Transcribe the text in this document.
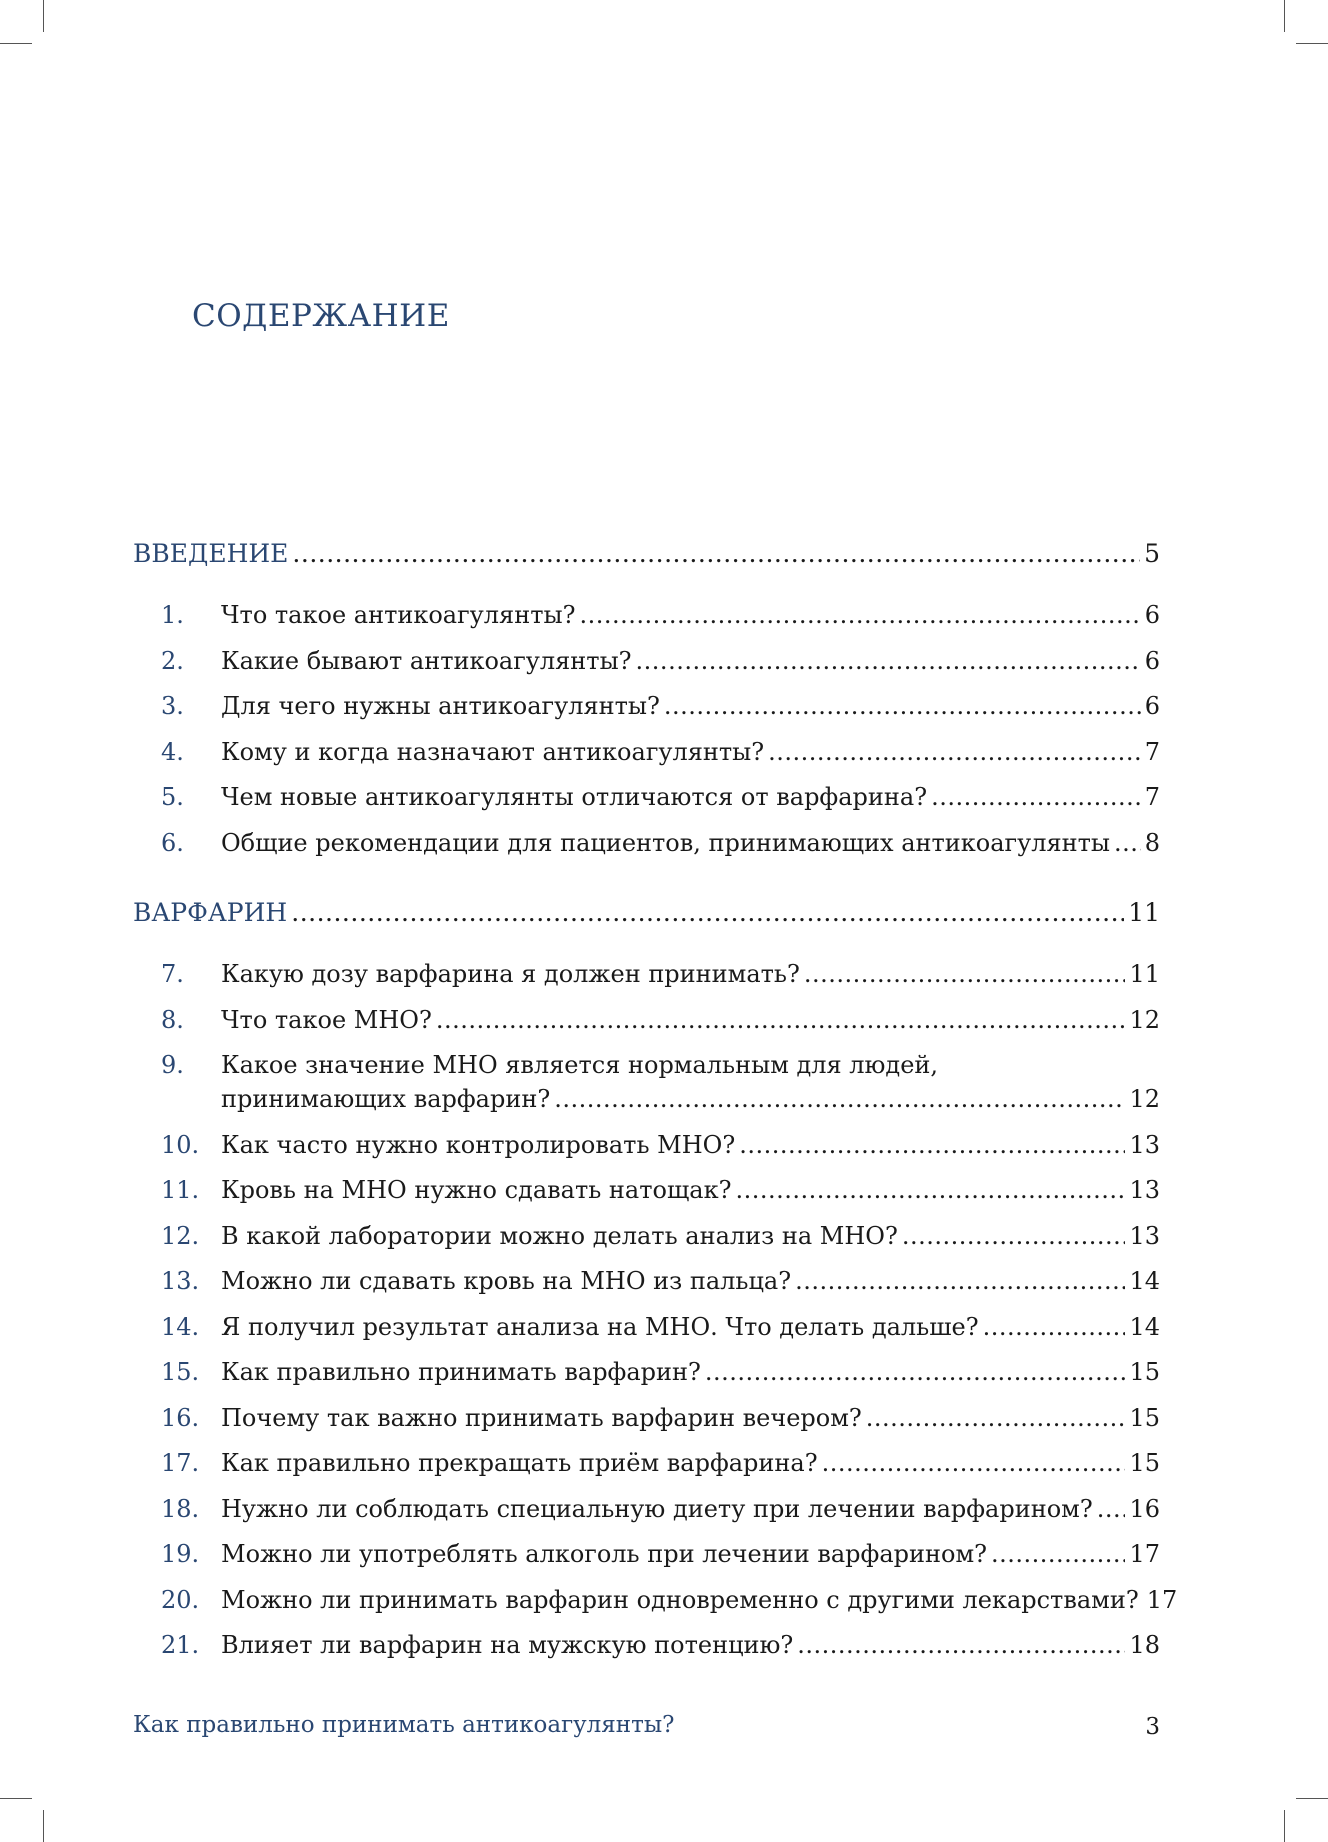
СОДЕРЖАНИЕ
ВВЕДЕНИЕ .....	5
1.	Что такое антикоагулянты? .....	6
2.	Какие бывают антикоагулянты? .....	6
3.	Для чего нужны антикоагулянты? .....	6
4.	Кому и когда назначают антикоагулянты? .....	7
5.	Чем новые антикоагулянты отличаются от варфарина? .....	7
6.	Общие рекомендации для пациентов, принимающих антикоагулянты ..... 8
ВАРФАРИН .....	11
7.	Какую дозу варфарина я должен принимать? .....	11
8.	Что такое МНО? .....	12
9.	Какое значение МНО является нормальным для людей,
принимающих варфарин? .....	12
10. Как часто нужно контролировать МНО? .....	13
11. Кровь на МНО нужно сдавать натощак? .....	13
12. В какой лаборатории можно делать анализ на МНО? .....	13
13. Можно ли сдавать кровь на МНО из пальца? .....	14
14. Я получил результат анализа на МНО. Что делать дальше? .....	14
15. Как правильно принимать варфарин? .....	15
16. Почему так важно принимать варфарин вечером? .....	15
17. Как правильно прекращать приём варфарина? .....	15
18. Нужно ли соблюдать специальную диету при лечении варфарином? ..... 16
19. Можно ли употреблять алкоголь при лечении варфарином? .....	17
20. Можно ли принимать варфарин одновременно с другими лекарствами? 17
21. Влияет ли варфарин на мужскую потенцию? .....	18
Как правильно принимать антикоагулянты?	3
